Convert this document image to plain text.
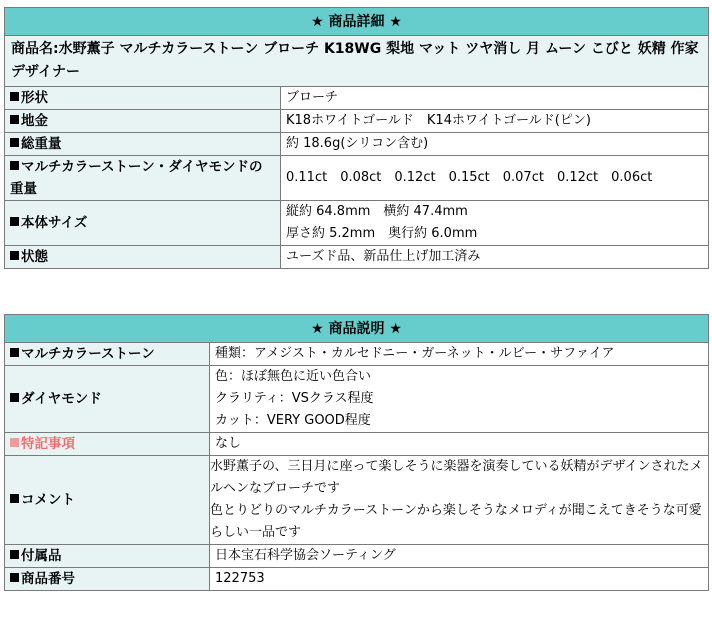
★ 商品詳細 ★	
商品名:水野薫子 マルチカラーストーン ブローチ K18WG 梨地 マット ツヤ消し 月 ムーン こびと 妖精 作家 デザイナー	
形状	ブローチ
地金	K18ホワイトゴールド　K14ホワイトゴールド(ピン)
総重量	約 18.6g(シリコン含む)
マルチカラーストーン・ダイヤモンドの重量	0.11ct　0.08ct　0.12ct　0.15ct　0.07ct　0.12ct　0.06ct
本体サイズ	縦約 64.8mm　横約 47.4mm
厚さ約 5.2mm　奥行約 6.0mm

状態	ユーズド品、新品仕上げ加工済み
★ 商品説明 ★	
マルチカラーストーン	種類：アメジスト・カルセドニー・ガーネット・ルビー・サファイア
ダイヤモンド	色：ほぼ無色に近い色合い
クラリティ：VSクラス程度
カット：VERY GOOD程度

特記事項	なし
コメント	水野薫子の、三日月に座って楽しそうに楽器を演奏している妖精がデザインされたメルヘンなブローチです
色とりどりのマルチカラーストーンから楽しそうなメロディが聞こえてきそうな可愛らしい一品です

付属品	日本宝石科学協会ソーティング
商品番号	122753
